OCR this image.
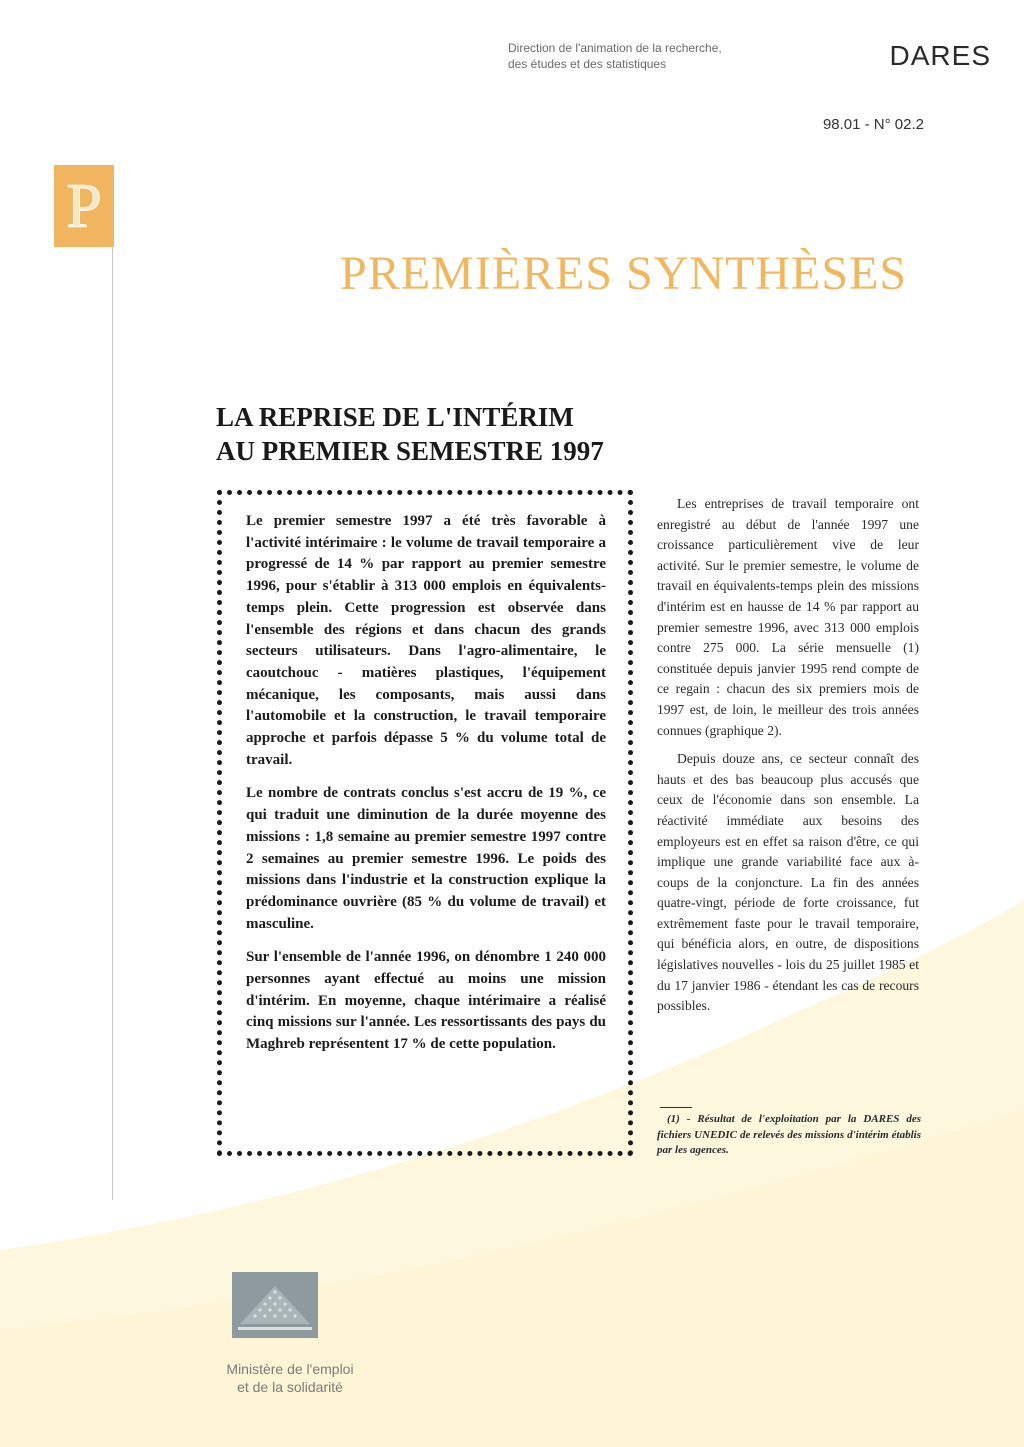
Direction de l'animation de la recherche,
des études et des statistiques	DARES
98.01 - N° 02.2
P
PREMIÈRES SYNTHÈSES
LA REPRISE DE L'INTÉRIM
AU PREMIER SEMESTRE 1997

Le premier semestre 1997 a été très favorable à l'activité intérimaire : le volume de travail temporaire a progressé de 14 % par rapport au premier semestre 1996, pour s'établir à 313 000 emplois en équivalents-temps plein. Cette progression est observée dans l'ensemble des régions et dans chacun des grands secteurs utilisateurs. Dans l'agro-alimentaire, le caoutchouc - matières plastiques, l'équipement mécanique, les composants, mais aussi dans l'automobile et la construction, le travail temporaire approche et parfois dépasse 5 % du volume total de travail.

Le nombre de contrats conclus s'est accru de 19 %, ce qui traduit une diminution de la durée moyenne des missions : 1,8 semaine au premier semestre 1997 contre 2 semaines au premier semestre 1996. Le poids des missions dans l'industrie et la construction explique la prédominance ouvrière (85 % du volume de travail) et masculine.

Sur l'ensemble de l'année 1996, on dénombre 1 240 000 personnes ayant effectué au moins une mission d'intérim. En moyenne, chaque intérimaire a réalisé cinq missions sur l'année. Les ressortissants des pays du Maghreb représentent 17 % de cette population.

Les entreprises de travail temporaire ont enregistré au début de l'année 1997 une croissance particulièrement vive de leur activité. Sur le premier semestre, le volume de travail en équivalents-temps plein des missions d'intérim est en hausse de 14 % par rapport au premier semestre 1996, avec 313 000 emplois contre 275 000. La série mensuelle (1) constituée depuis janvier 1995 rend compte de ce regain : chacun des six premiers mois de 1997 est, de loin, le meilleur des trois années connues (graphique 2).

Depuis douze ans, ce secteur connaît des hauts et des bas beaucoup plus accusés que ceux de l'économie dans son ensemble. La réactivité immédiate aux besoins des employeurs est en effet sa raison d'être, ce qui implique une grande variabilité face aux à-coups de la conjoncture. La fin des années quatre-vingt, période de forte croissance, fut extrêmement faste pour le travail temporaire, qui bénéficia alors, en outre, de dispositions législatives nouvelles - lois du 25 juillet 1985 et du 17 janvier 1986 - étendant les cas de recours possibles.

(1) - Résultat de l'exploitation par la DARES des fichiers UNEDIC de relevés des missions d'intérim établis par les agences.
Ministère de l'emploi
et de la solidarité
